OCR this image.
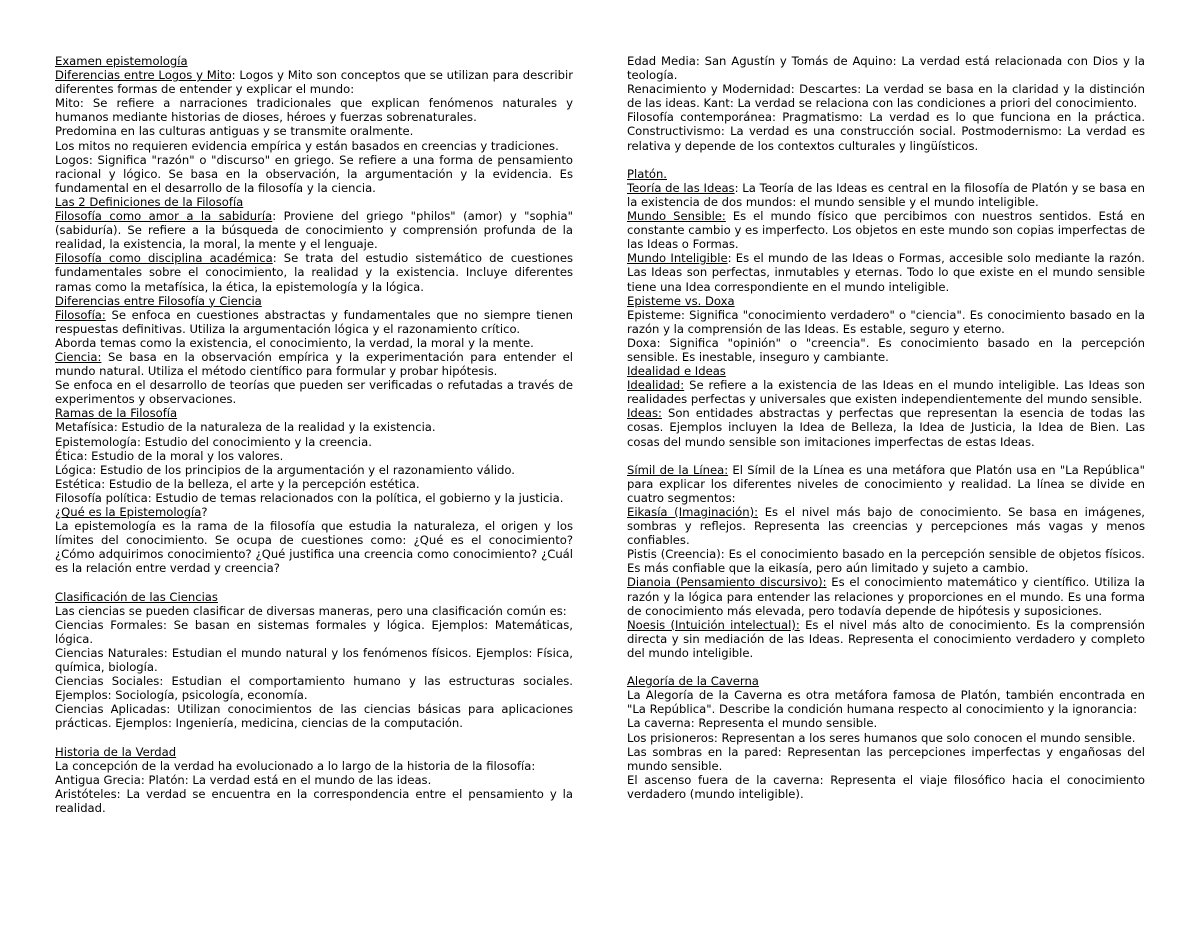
Examen epistemología

Diferencias entre Logos y Mito: Logos y Mito son conceptos que se utilizan para describir diferentes formas de entender y explicar el mundo:

Mito: Se refiere a narraciones tradicionales que explican fenómenos naturales y humanos mediante historias de dioses, héroes y fuerzas sobrenaturales.

Predomina en las culturas antiguas y se transmite oralmente.

Los mitos no requieren evidencia empírica y están basados en creencias y tradiciones.

Logos: Significa "razón" o "discurso" en griego. Se refiere a una forma de pensamiento racional y lógico. Se basa en la observación, la argumentación y la evidencia. Es fundamental en el desarrollo de la filosofía y la ciencia.

Las 2 Definiciones de la Filosofía

Filosofía como amor a la sabiduría: Proviene del griego "philos" (amor) y "sophia" (sabiduría). Se refiere a la búsqueda de conocimiento y comprensión profunda de la realidad, la existencia, la moral, la mente y el lenguaje.

Filosofía como disciplina académica: Se trata del estudio sistemático de cuestiones fundamentales sobre el conocimiento, la realidad y la existencia. Incluye diferentes ramas como la metafísica, la ética, la epistemología y la lógica.

Diferencias entre Filosofía y Ciencia

Filosofía: Se enfoca en cuestiones abstractas y fundamentales que no siempre tienen respuestas definitivas. Utiliza la argumentación lógica y el razonamiento crítico.

Aborda temas como la existencia, el conocimiento, la verdad, la moral y la mente.

Ciencia: Se basa en la observación empírica y la experimentación para entender el mundo natural. Utiliza el método científico para formular y probar hipótesis.

Se enfoca en el desarrollo de teorías que pueden ser verificadas o refutadas a través de experimentos y observaciones.

Ramas de la Filosofía

Metafísica: Estudio de la naturaleza de la realidad y la existencia.

Epistemología: Estudio del conocimiento y la creencia.

Ética: Estudio de la moral y los valores.

Lógica: Estudio de los principios de la argumentación y el razonamiento válido.

Estética: Estudio de la belleza, el arte y la percepción estética.

Filosofía política: Estudio de temas relacionados con la política, el gobierno y la justicia.

¿Qué es la Epistemología?

La epistemología es la rama de la filosofía que estudia la naturaleza, el origen y los límites del conocimiento. Se ocupa de cuestiones como: ¿Qué es el conocimiento? ¿Cómo adquirimos conocimiento? ¿Qué justifica una creencia como conocimiento? ¿Cuál es la relación entre verdad y creencia?

Clasificación de las Ciencias

Las ciencias se pueden clasificar de diversas maneras, pero una clasificación común es:

Ciencias Formales: Se basan en sistemas formales y lógica. Ejemplos: Matemáticas, lógica.

Ciencias Naturales: Estudian el mundo natural y los fenómenos físicos. Ejemplos: Física, química, biología.

Ciencias Sociales: Estudian el comportamiento humano y las estructuras sociales. Ejemplos: Sociología, psicología, economía.

Ciencias Aplicadas: Utilizan conocimientos de las ciencias básicas para aplicaciones prácticas. Ejemplos: Ingeniería, medicina, ciencias de la computación.

Historia de la Verdad

La concepción de la verdad ha evolucionado a lo largo de la historia de la filosofía:

Antigua Grecia: Platón: La verdad está en el mundo de las ideas.

Aristóteles: La verdad se encuentra en la correspondencia entre el pensamiento y la realidad.

Edad Media: San Agustín y Tomás de Aquino: La verdad está relacionada con Dios y la teología.

Renacimiento y Modernidad: Descartes: La verdad se basa en la claridad y la distinción de las ideas. Kant: La verdad se relaciona con las condiciones a priori del conocimiento.

Filosofía contemporánea: Pragmatismo: La verdad es lo que funciona en la práctica. Constructivismo: La verdad es una construcción social. Postmodernismo: La verdad es relativa y depende de los contextos culturales y lingüísticos.

Platón.

Teoría de las Ideas: La Teoría de las Ideas es central en la filosofía de Platón y se basa en la existencia de dos mundos: el mundo sensible y el mundo inteligible.

Mundo Sensible: Es el mundo físico que percibimos con nuestros sentidos. Está en constante cambio y es imperfecto. Los objetos en este mundo son copias imperfectas de las Ideas o Formas.

Mundo Inteligible: Es el mundo de las Ideas o Formas, accesible solo mediante la razón. Las Ideas son perfectas, inmutables y eternas. Todo lo que existe en el mundo sensible tiene una Idea correspondiente en el mundo inteligible.

Episteme vs. Doxa

Episteme: Significa "conocimiento verdadero" o "ciencia". Es conocimiento basado en la razón y la comprensión de las Ideas. Es estable, seguro y eterno.

Doxa: Significa "opinión" o "creencia". Es conocimiento basado en la percepción sensible. Es inestable, inseguro y cambiante.

Idealidad e Ideas

Idealidad: Se refiere a la existencia de las Ideas en el mundo inteligible. Las Ideas son realidades perfectas y universales que existen independientemente del mundo sensible.

Ideas: Son entidades abstractas y perfectas que representan la esencia de todas las cosas. Ejemplos incluyen la Idea de Belleza, la Idea de Justicia, la Idea de Bien. Las cosas del mundo sensible son imitaciones imperfectas de estas Ideas.

Símil de la Línea: El Símil de la Línea es una metáfora que Platón usa en "La República" para explicar los diferentes niveles de conocimiento y realidad. La línea se divide en cuatro segmentos:

Eikasía (Imaginación): Es el nivel más bajo de conocimiento. Se basa en imágenes, sombras y reflejos. Representa las creencias y percepciones más vagas y menos confiables.

Pistis (Creencia): Es el conocimiento basado en la percepción sensible de objetos físicos. Es más confiable que la eikasía, pero aún limitado y sujeto a cambio.

Dianoia (Pensamiento discursivo): Es el conocimiento matemático y científico. Utiliza la razón y la lógica para entender las relaciones y proporciones en el mundo. Es una forma de conocimiento más elevada, pero todavía depende de hipótesis y suposiciones.

Noesis (Intuición intelectual): Es el nivel más alto de conocimiento. Es la comprensión directa y sin mediación de las Ideas. Representa el conocimiento verdadero y completo del mundo inteligible.

Alegoría de la Caverna

La Alegoría de la Caverna es otra metáfora famosa de Platón, también encontrada en "La República". Describe la condición humana respecto al conocimiento y la ignorancia:

La caverna: Representa el mundo sensible.

Los prisioneros: Representan a los seres humanos que solo conocen el mundo sensible.

Las sombras en la pared: Representan las percepciones imperfectas y engañosas del mundo sensible.

El ascenso fuera de la caverna: Representa el viaje filosófico hacia el conocimiento verdadero (mundo inteligible).
